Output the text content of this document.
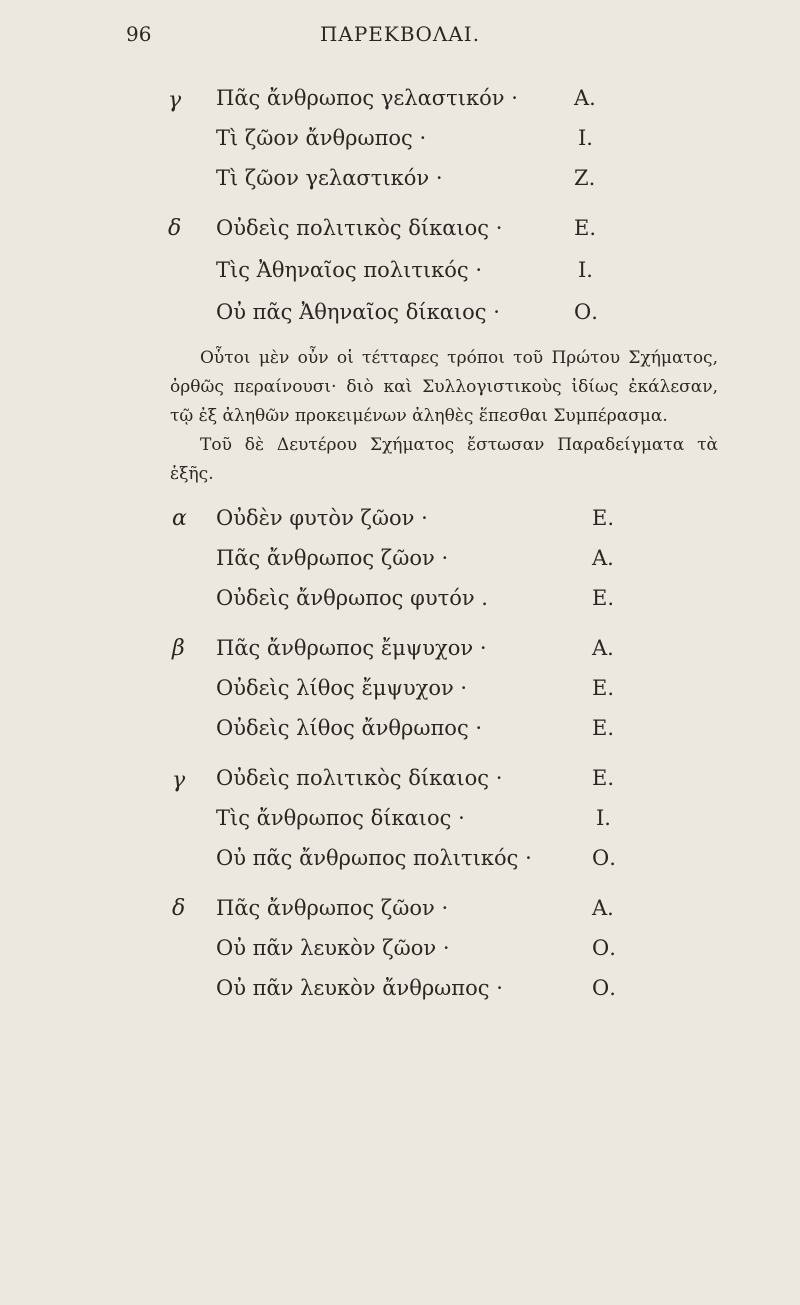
96	ΠΑΡΕΚΒΟΛΑΙ.
γ Πᾶς ἄνθρωπος γελαστικόν ·	Α.
Τὶ ζῶον ἄνθρωπος ·	Ι.
Τὶ ζῶον γελαστικόν ·	Ζ.
δ Οὐδεὶς πολιτικὸς δίκαιος ·	Ε.
Τὶς Ἀθηναῖος πολιτικός ·	Ι.
Οὐ πᾶς Ἀθηναῖος δίκαιος ·	Ο.

Οὗτοι μὲν οὖν οἱ τέτταρες τρόποι τοῦ Πρώτου Σχήματος, ὀρθῶς περαίνουσι· διὸ καὶ Συλλογιστικοὺς ἰδίως ἐκάλεσαν, τῷ ἐξ ἀληθῶν προκειμένων ἀληθὲς ἕπεσθαι Συμπέρασμα.

Τοῦ δὲ Δευτέρου Σχήματος ἔστωσαν Παραδείγματα τὰ ἑξῆς.

α Οὐδὲν φυτὸν ζῶον ·	Ε.
Πᾶς ἄνθρωπος ζῶον ·	Α.
Οὐδεὶς ἄνθρωπος φυτόν .	Ε.
β Πᾶς ἄνθρωπος ἔμψυχον ·	Α.
Οὐδεὶς λίθος ἔμψυχον ·	Ε.
Οὐδεὶς λίθος ἄνθρωπος ·	Ε.
γ Οὐδεὶς πολιτικὸς δίκαιος ·	Ε.
Τὶς ἄνθρωπος δίκαιος ·	Ι.
Οὐ πᾶς ἄνθρωπος πολιτικός ·	Ο.
δ Πᾶς ἄνθρωπος ζῶον ·	Α.
Οὐ πᾶν λευκὸν ζῶον ·	Ο.
Οὐ πᾶν λευκὸν ἄνθρωπος ·	Ο.
